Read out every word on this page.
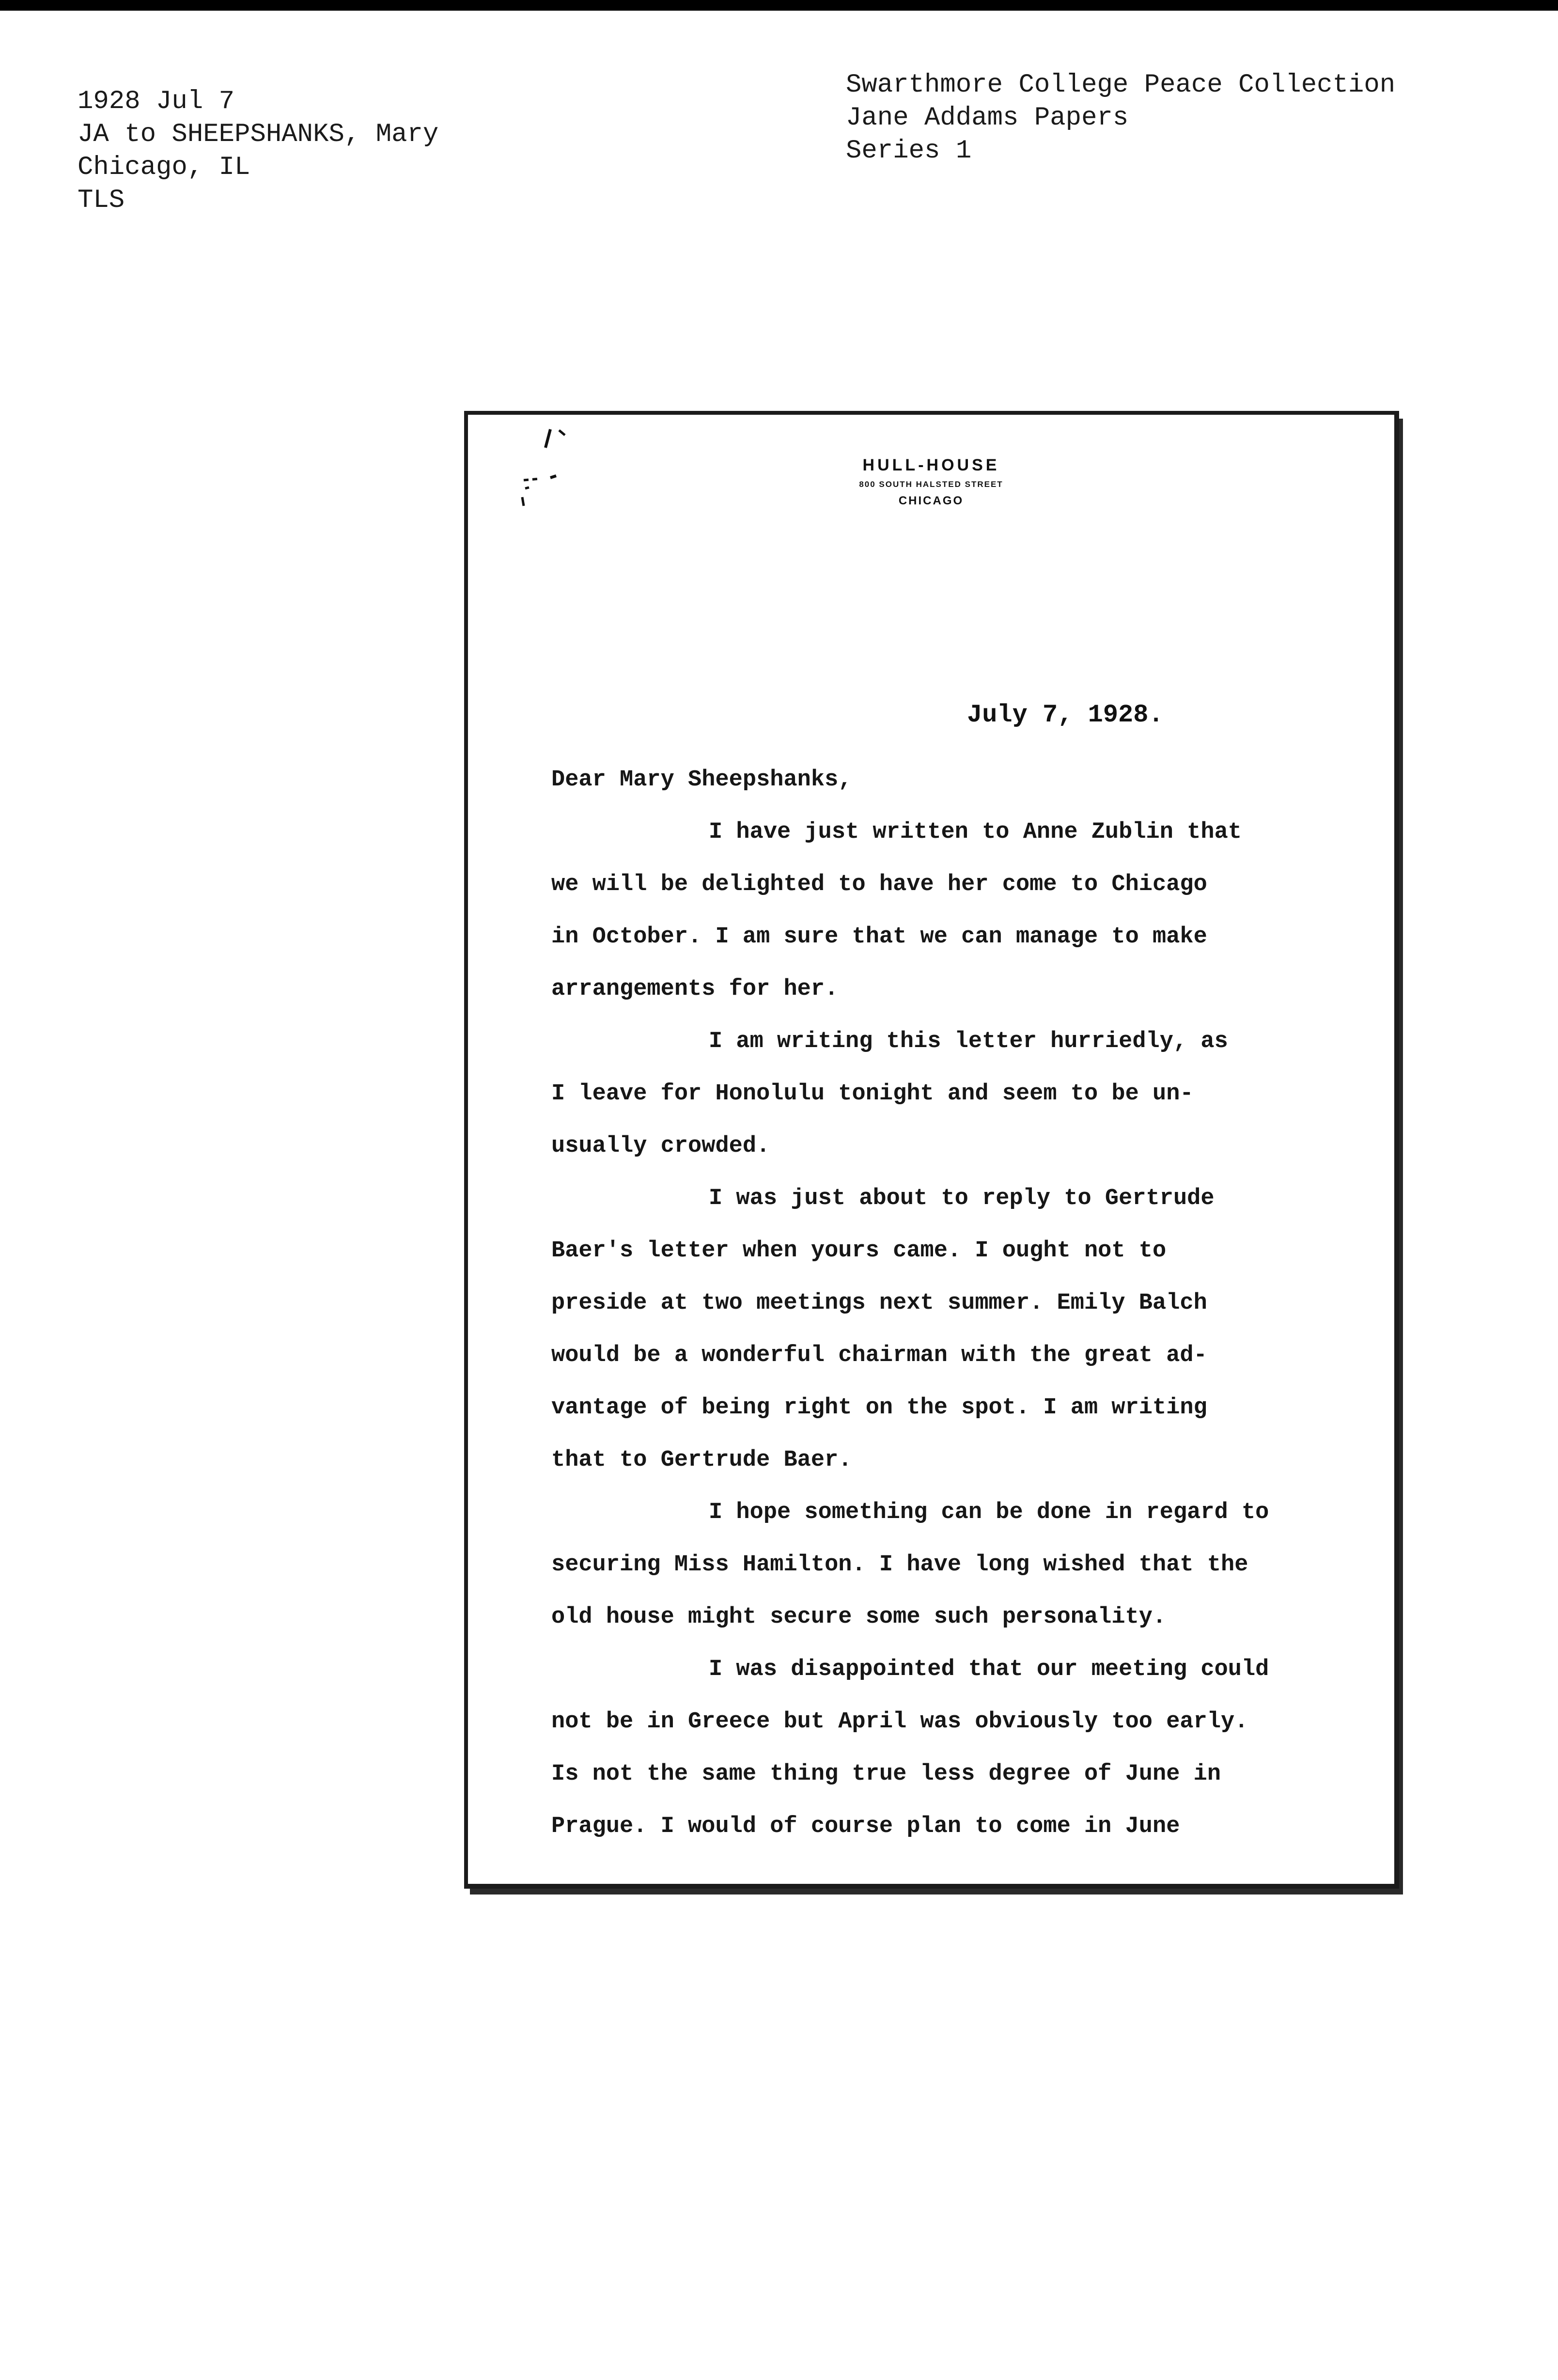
1928 Jul 7
JA to SHEEPSHANKS, Mary
Chicago, IL
TLS
Swarthmore College Peace Collection
Jane Addams Papers
Series 1
HULL-HOUSE
800 SOUTH HALSTED STREET
CHICAGO
July 7, 1928.
Dear Mary Sheepshanks,
I have just written to Anne Zublin that
we will be delighted to have her come to Chicago
in October. I am sure that we can manage to make
arrangements for her.
I am writing this letter hurriedly, as
I leave for Honolulu tonight and seem to be un-
usually crowded.
I was just about to reply to Gertrude
Baer's letter when yours came. I ought not to
preside at two meetings next summer. Emily Balch
would be a wonderful chairman with the great ad-
vantage of being right on the spot. I am writing
that to Gertrude Baer.
I hope something can be done in regard to
securing Miss Hamilton. I have long wished that the
old house might secure some such personality.
I was disappointed that our meeting could
not be in Greece but April was obviously too early.
Is not the same thing true less degree of June in
Prague. I would of course plan to come in June
